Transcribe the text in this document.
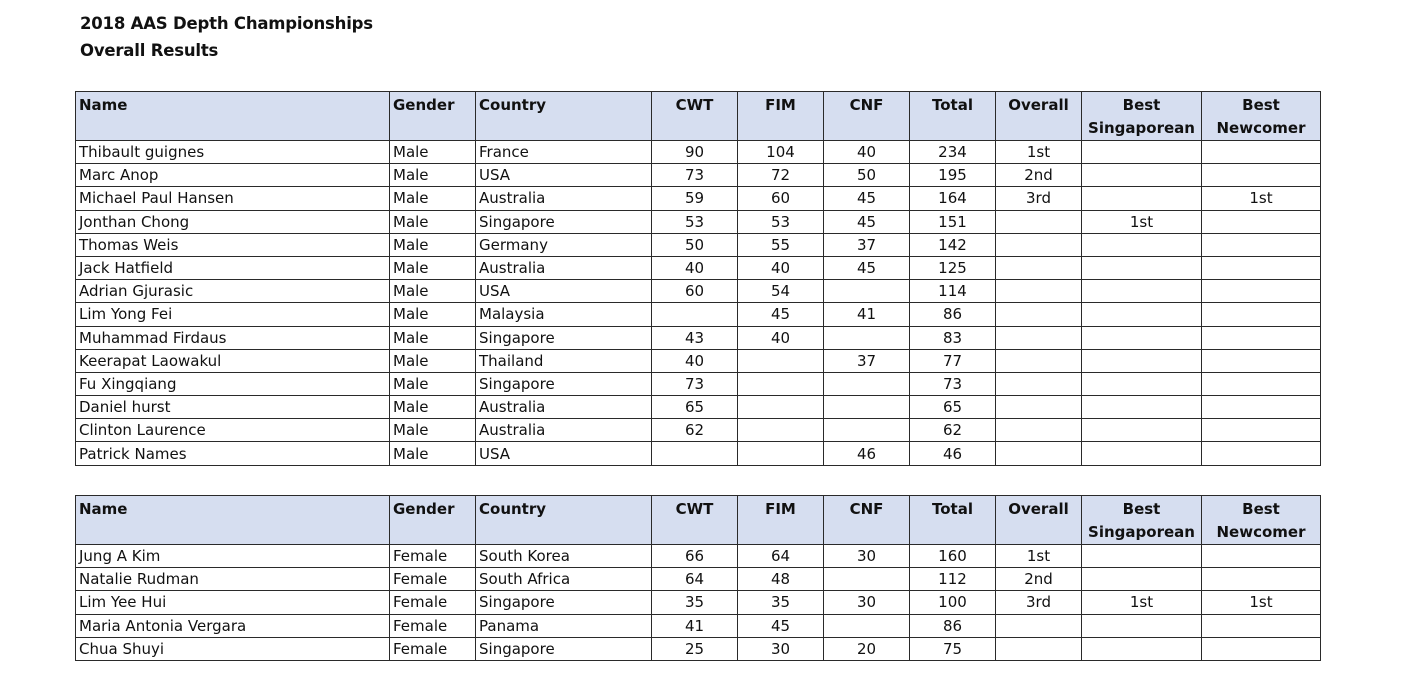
2018 AAS Depth Championships
Overall Results
Name	Gender	Country	CWT	FIM	CNF	Total	Overall	Best Singaporean	Best Newcomer
Thibault guignes	Male	France	90	104	40	234	1st		
Marc Anop	Male	USA	73	72	50	195	2nd		
Michael Paul Hansen	Male	Australia	59	60	45	164	3rd		1st
Jonthan Chong	Male	Singapore	53	53	45	151		1st	
Thomas Weis	Male	Germany	50	55	37	142			
Jack Hatfield	Male	Australia	40	40	45	125			
Adrian Gjurasic	Male	USA	60	54		114			
Lim Yong Fei	Male	Malaysia		45	41	86			
Muhammad Firdaus	Male	Singapore	43	40		83			
Keerapat Laowakul	Male	Thailand	40		37	77			
Fu Xingqiang	Male	Singapore	73			73			
Daniel hurst	Male	Australia	65			65			
Clinton Laurence	Male	Australia	62			62			
Patrick Names	Male	USA			46	46			
Name	Gender	Country	CWT	FIM	CNF	Total	Overall	Best Singaporean	Best Newcomer
Jung A Kim	Female	South Korea	66	64	30	160	1st		
Natalie Rudman	Female	South Africa	64	48		112	2nd		
Lim Yee Hui	Female	Singapore	35	35	30	100	3rd	1st	1st
Maria Antonia Vergara	Female	Panama	41	45		86			
Chua Shuyi	Female	Singapore	25	30	20	75			
